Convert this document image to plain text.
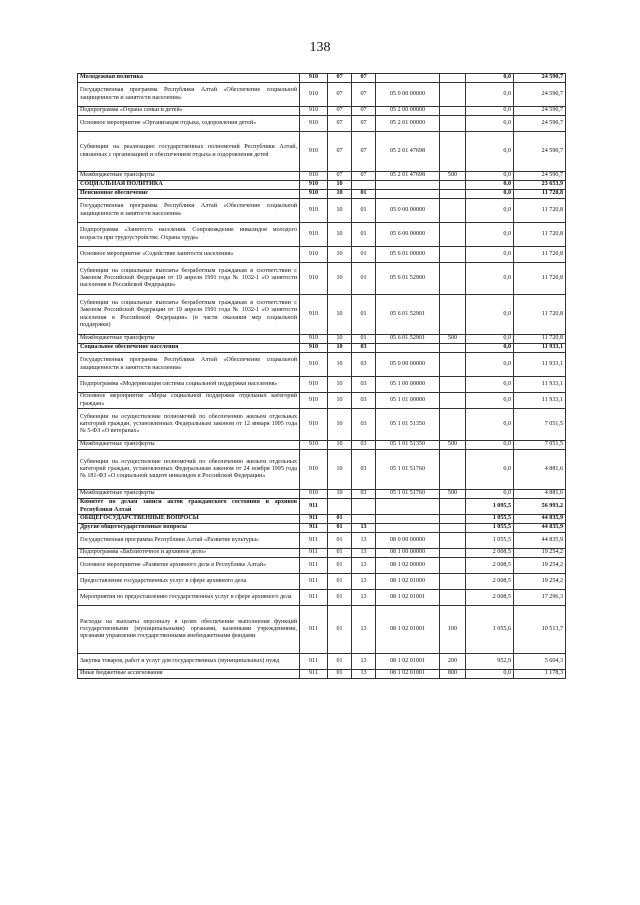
138
Молодежная политика	910	07	07			0,0	24 590,7
Государственная программа Республики Алтай «Обеспечение социальной защищенности и занятости населения»	910	07	07	05 0 00 00000		0,0	24 590,7
Подпрограмма «Охрана семьи и детей»	910	07	07	05 2 00 00000		0,0	24 590,7
Основное мероприятие «Организация отдыха, оздоровления детей»	910	07	07	05 2 01 00000		0,0	24 590,7
Субвенции на реализацию государственных полномочий Республики Алтай, связанных с организацией и обеспечением отдыха и оздоровления детей	910	07	07	05 2 01 47698		0,0	24 590,7
Межбюджетные трансферты	910	07	07	05 2 01 47698	500	0,0	24 590,7
СОЦИАЛЬНАЯ ПОЛИТИКА	910	10				0,0	23 653,9
Пенсионное обеспечение	910	10	01			0,0	11 720,8
Государственная программа Республики Алтай «Обеспечение социальной защищенности и занятости населения»	910	10	01	05 0 00 00000		0,0	11 720,8
Подпрограмма «Занятость населения. Сопровождение инвалидов молодого возраста при трудоустройстве. Охрана труда»	910	10	01	05 6 00 00000		0,0	11 720,8
Основное мероприятие «Содействие занятости населения»	910	10	01	05 6 01 00000		0,0	11 720,8
Субвенции на социальные выплаты безработным гражданам в соответствии с Законом Российской Федерации от 19 апреля 1991 года № 1032-1 «О занятости населения в Российской Федерации»	910	10	01	05 6 01 52900		0,0	11 720,8
Субвенции на социальные выплаты безработным гражданам в соответствии с Законом Российской Федерации от 19 апреля 1991 года № 1032-1 «О занятости населения в Российской Федерации» (в части оказания мер социальной поддержки)	910	10	01	05 6 01 52901		0,0	11 720,8
Межбюджетные трансферты	910	10	01	05 6 01 52901	500	0,0	11 720,8
Социальное обеспечение населения	910	10	03			0,0	11 933,1
Государственная программа Республики Алтай «Обеспечение социальной защищенности и занятости населения»	910	10	03	05 0 00 00000		0,0	11 933,1
Подпрограмма «Модернизация системы социальной поддержки населения»	910	10	03	05 1 00 00000		0,0	11 933,1
Основное мероприятие «Меры социальной поддержки отдельных категорий граждан»	910	10	03	05 1 01 00000		0,0	11 933,1
Субвенции на осуществление полномочий по обеспечению жильем отдельных категорий граждан, установленных Федеральным законом от 12 января 1995 года № 5-ФЗ «О ветеранах»	910	10	03	05 1 01 51350		0,0	7 051,5
Межбюджетные трансферты	910	10	03	05 1 01 51350	500	0,0	7 051,5
Субвенции на осуществление полномочий по обеспечению жильем отдельных категорий граждан, установленных Федеральным законом от 24 ноября 1995 года № 181-ФЗ «О социальной защите инвалидов в Российской Федерации»	910	10	03	05 1 01 51760		0,0	4 881,6
Межбюджетные трансферты	910	10	03	05 1 01 51760	500	0,0	4 881,6
Комитет по делам записи актов гражданского состояния и архивов Республики Алтай	911					1 095,5	56 993,2
ОБЩЕГОСУДАРСТВЕННЫЕ ВОПРОСЫ	911	01				1 055,5	44 835,9
Другие общегосударственные вопросы	911	01	13			1 055,5	44 835,9
Государственная программа Республики Алтай «Развитие культуры»	911	01	13	08 0 00 00000		1 055,5	44 835,9
Подпрограмма «Библиотечное и архивное дело»	911	01	13	08 1 00 00000		2 008,5	19 254,2
Основное мероприятие «Развитие архивного дела в Республике Алтай»	911	01	13	08 1 02 00000		2 008,5	19 254,2
Предоставление государственных услуг в сфере архивного дела	911	01	13	08 1 02 01000		2 008,5	19 254,2
Мероприятия по предоставлению государственных услуг в сфере архивного дела	911	01	13	08 1 02 01001		2 008,5	17 296,3
Расходы на выплаты персоналу в целях обеспечения выполнения функций государственными (муниципальными) органами, казенными учреждениями, органами управления государственными внебюджетными фондами	911	01	13	08 1 02 01001	100	1 055,6	10 513,7
Закупка товаров, работ и услуг для государственных (муниципальных) нужд	911	01	13	08 1 02 01001	200	952,9	5 604,3
Иные бюджетные ассигнования	911	01	13	08 1 02 01001	800	0,0	1 178,3
